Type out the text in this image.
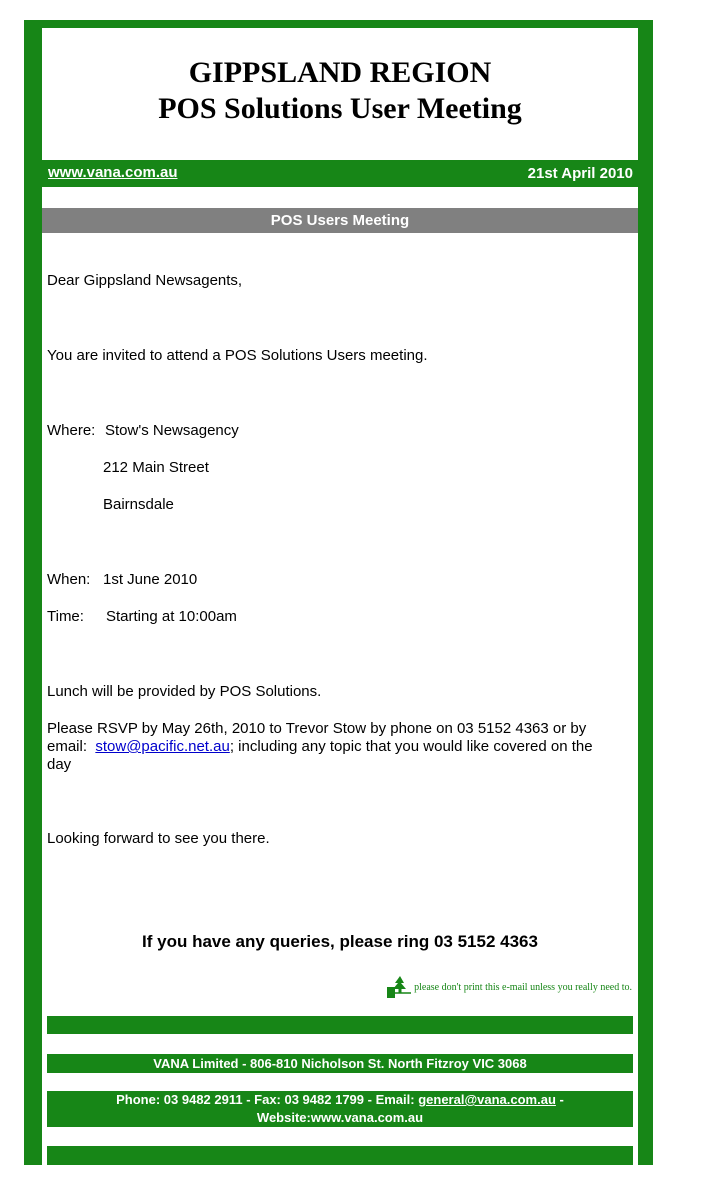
GIPPSLAND REGION
POS Solutions User Meeting
www.vana.com.au	21st April 2010
POS Users Meeting
Dear Gippsland Newsagents,
You are invited to attend a POS Solutions Users meeting.
Where: Stow's Newsagency
212 Main Street
Bairnsdale
When: 1st June 2010
Time: Starting at 10:00am
Lunch will be provided by POS Solutions.
Please RSVP by May 26th, 2010 to Trevor Stow by phone on 03 5152 4363 or by email: stow@pacific.net.au; including any topic that you would like covered on the day
Looking forward to see you there.
If you have any queries, please ring 03 5152 4363
please don't print this e-mail unless you really need to.
VANA Limited - 806-810 Nicholson St. North Fitzroy VIC 3068
Phone: 03 9482 2911 - Fax: 03 9482 1799 - Email: general@vana.com.au -
Website:www.vana.com.au
